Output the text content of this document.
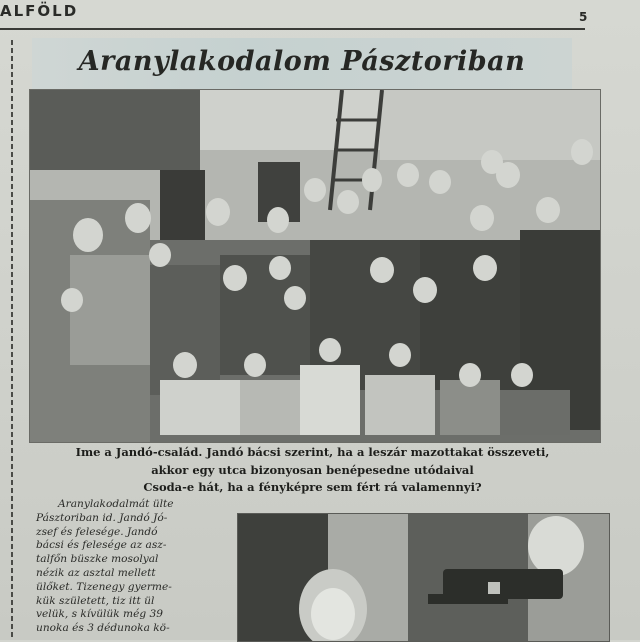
ALFÖLD	5
Aranylakodalom Pásztoriban

Ime a Jandó-család. Jandó bácsi szerint, ha a leszár mazottakat összeveti,

akkor egy utca bizonyosan benépesedne utódaival

Csoda-e hát, ha a fényképre sem fért rá valamennyi?

Aranylakodalmát ülte
Pásztoriban id. Jandó Jó-
zsef és felesége. Jandó
bácsi és felesége az asz-
talfőn büszke mosolyal
nézik az asztal mellett
ülőket. Tizenegy gyerme-
kük született, tiz itt ül
velük, s kívülük még 39
unoka és 3 dédunoka kö-
